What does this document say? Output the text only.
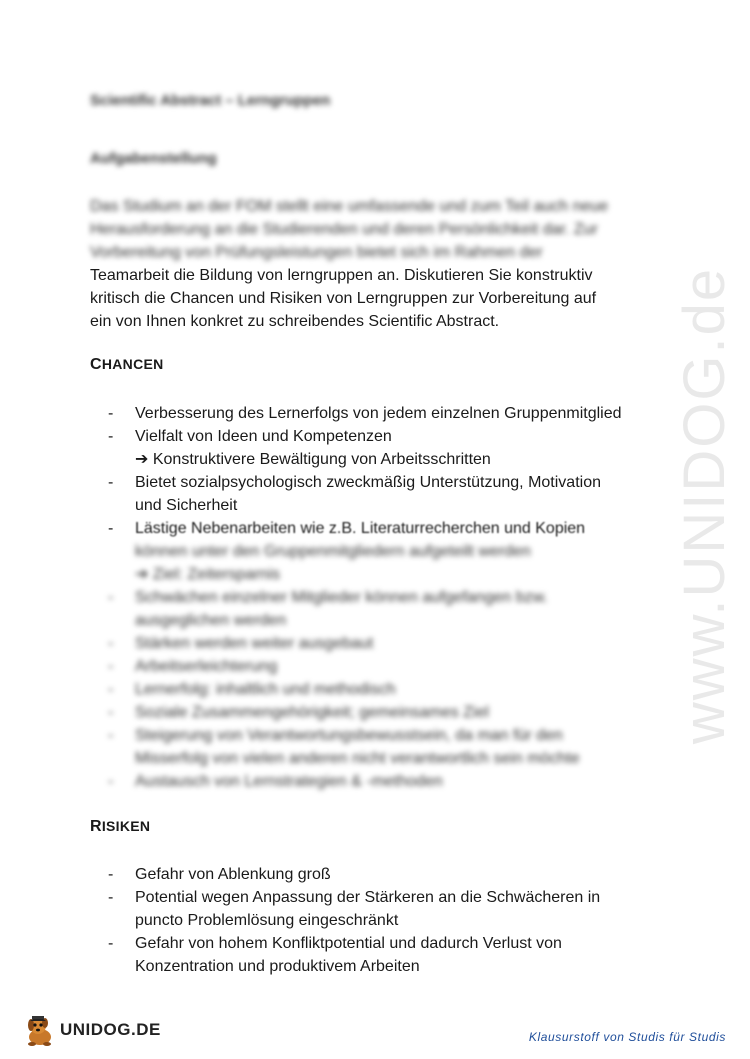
www.UNIDOG.de
Scientific Abstract – Lerngruppen
Aufgabenstellung
Das Studium an der FOM stellt eine umfassende und zum Teil auch neue
Herausforderung an die Studierenden und deren Persönlichkeit dar. Zur
Vorbereitung von Prüfungsleistungen bietet sich im Rahmen der
Teamarbeit die Bildung von lerngruppen an. Diskutieren Sie konstruktiv
kritisch die Chancen und Risiken von Lerngruppen zur Vorbereitung auf
ein von Ihnen konkret zu schreibendes Scientific Abstract.
CHANCEN
- Verbesserung des Lernerfolgs von jedem einzelnen Gruppenmitglied
- Vielfalt von Ideen und Kompetenzen
➔ Konstruktivere Bewältigung von Arbeitsschritten
- Bietet sozialpsychologisch zweckmäßig Unterstützung, Motivation
und Sicherheit
- Lästige Nebenarbeiten wie z.B. Literaturrecherchen und Kopien
können unter den Gruppenmitgliedern aufgeteilt werden
➔ Ziel: Zeitersparnis
- Schwächen einzelner Mitglieder können aufgefangen bzw.
ausgeglichen werden
- Stärken werden weiter ausgebaut
- Arbeitserleichterung
- Lernerfolg: inhaltlich und methodisch
- Soziale Zusammengehörigkeit; gemeinsames Ziel
- Steigerung von Verantwortungsbewusstsein, da man für den
Misserfolg von vielen anderen nicht verantwortlich sein möchte
- Austausch von Lernstrategien & -methoden
RISIKEN
- Gefahr von Ablenkung groß
- Potential wegen Anpassung der Stärkeren an die Schwächeren in
puncto Problemlösung eingeschränkt
- Gefahr von hohem Konfliktpotential und dadurch Verlust von
Konzentration und produktivem Arbeiten
UNIDOG.DE	Klausurstoff von Studis für Studis
